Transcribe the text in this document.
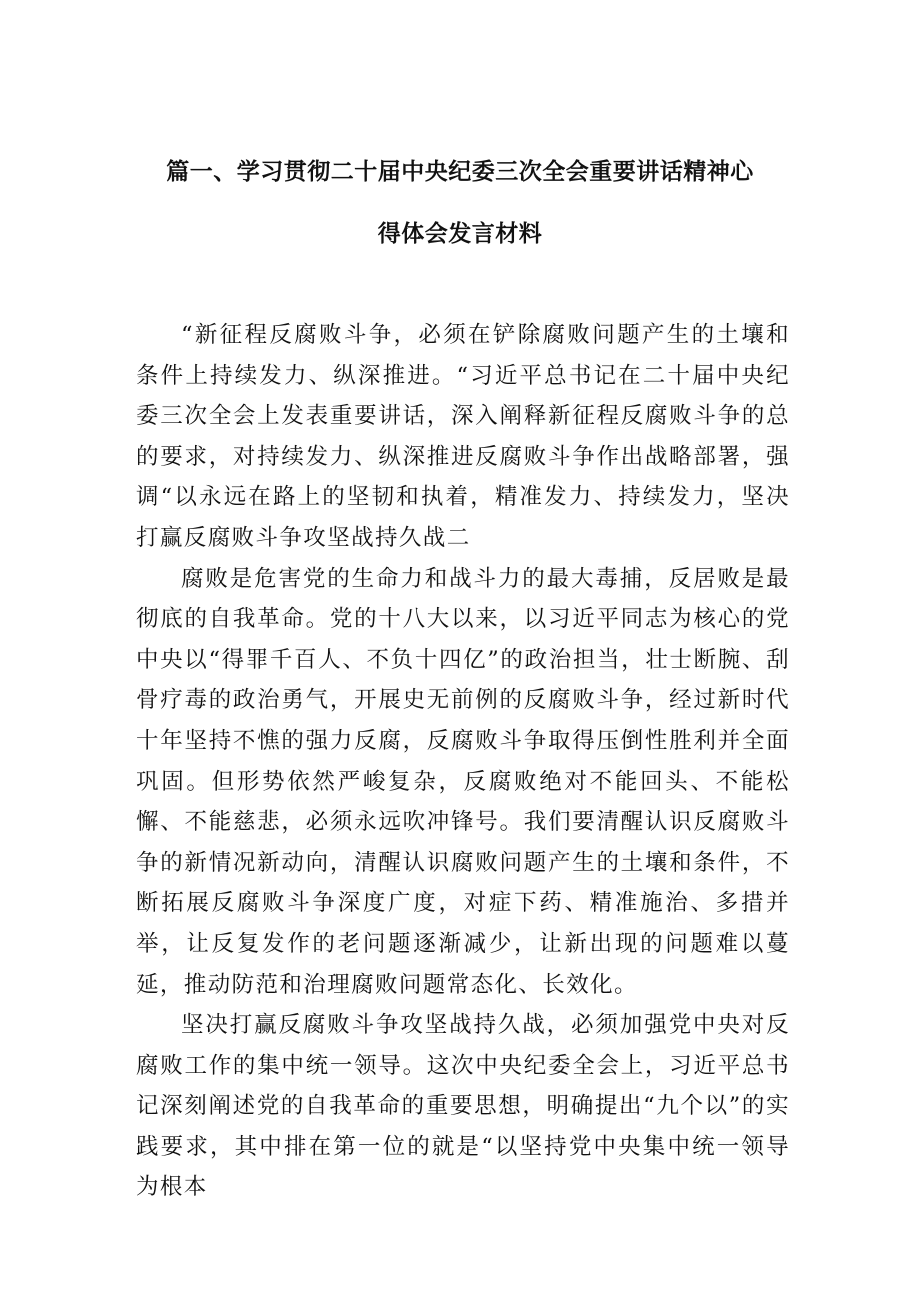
篇一、学习贯彻二十届中央纪委三次全会重要讲话精神心
得体会发言材料

“新征程反腐败斗争，必须在铲除腐败问题产生的土壤和条件上持续发力、纵深推进。“习近平总书记在二十届中央纪委三次全会上发表重要讲话，深入阐释新征程反腐败斗争的总的要求，对持续发力、纵深推进反腐败斗争作出战略部署，强调“以永远在路上的坚韧和执着，精准发力、持续发力，坚决打赢反腐败斗争攻坚战持久战二

腐败是危害党的生命力和战斗力的最大毒捕，反居败是最彻底的自我革命。党的十八大以来，以习近平同志为核心的党中央以“得罪千百人、不负十四亿”的政治担当，壮士断腕、刮骨疗毒的政治勇气，开展史无前例的反腐败斗争，经过新时代十年坚持不憔的强力反腐，反腐败斗争取得压倒性胜利并全面巩固。但形势依然严峻复杂，反腐败绝对不能回头、不能松懈、不能慈悲，必须永远吹冲锋号。我们要清醒认识反腐败斗争的新情况新动向，清醒认识腐败问题产生的土壤和条件，不断拓展反腐败斗争深度广度，对症下药、精准施治、多措并举，让反复发作的老问题逐渐减少，让新出现的问题难以蔓延，推动防范和治理腐败问题常态化、长效化。

坚决打赢反腐败斗争攻坚战持久战，必须加强党中央对反腐败工作的集中统一领导。这次中央纪委全会上，习近平总书记深刻阐述党的自我革命的重要思想，明确提出“九个以”的实践要求，其中排在第一位的就是“以坚持党中央集中统一领导为根本
